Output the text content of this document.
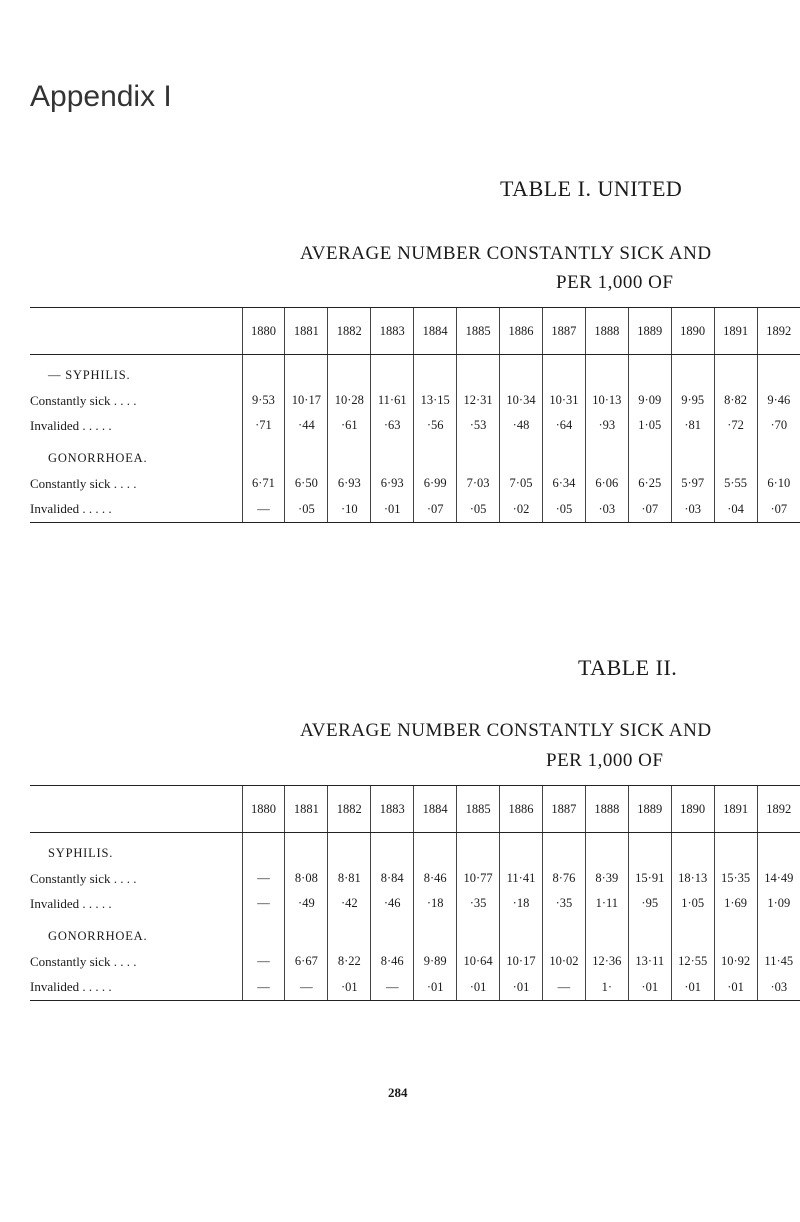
Appendix I
TABLE I. UNITED
AVERAGE NUMBER CONSTANTLY SICK AND
PER 1,000 OF
	1880	1881	1882	1883	1884	1885	1886	1887	1888	1889	1890	1891	1892

— SYPHILIS.													
Constantly sick . . . .	9·53	10·17	10·28	11·61	13·15	12·31	10·34	10·31	10·13	9·09	9·95	8·82	9·46
Invalided . . . . .	·71	·44	·61	·63	·56	·53	·48	·64	·93	1·05	·81	·72	·70

GONORRHOEA.													
Constantly sick . . . .	6·71	6·50	6·93	6·93	6·99	7·03	7·05	6·34	6·06	6·25	5·97	5·55	6·10
Invalided . . . . .	—	·05	·10	·01	·07	·05	·02	·05	·03	·07	·03	·04	·07
TABLE II.
AVERAGE NUMBER CONSTANTLY SICK AND
PER 1,000 OF
	1880	1881	1882	1883	1884	1885	1886	1887	1888	1889	1890	1891	1892

SYPHILIS.													
Constantly sick . . . .	—	8·08	8·81	8·84	8·46	10·77	11·41	8·76	8·39	15·91	18·13	15·35	14·49
Invalided . . . . .	—	·49	·42	·46	·18	·35	·18	·35	1·11	·95	1·05	1·69	1·09

GONORRHOEA.													
Constantly sick . . . .	—	6·67	8·22	8·46	9·89	10·64	10·17	10·02	12·36	13·11	12·55	10·92	11·45
Invalided . . . . .	—	—	·01	—	·01	·01	·01	—	1·	·01	·01	·01	·03
284
